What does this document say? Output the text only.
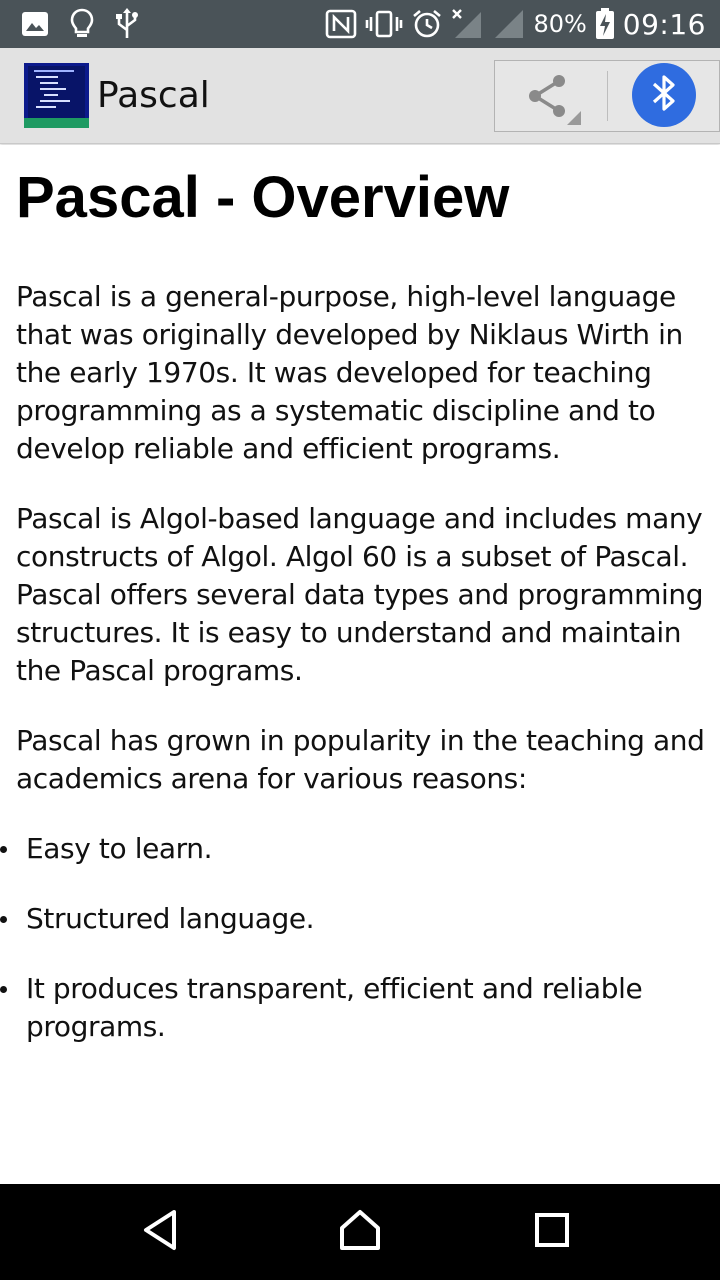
80% 09:16
Pascal
Pascal - Overview

Pascal is a general-purpose, high-level language that was originally developed by Niklaus Wirth in the early 1970s. It was developed for teaching programming as a systematic discipline and to develop reliable and efficient programs.

Pascal is Algol-based language and includes many constructs of Algol. Algol 60 is a subset of Pascal. Pascal offers several data types and programming structures. It is easy to understand and maintain the Pascal programs.

Pascal has grown in popularity in the teaching and academics arena for various reasons:

Easy to learn.
Structured language.
It produces transparent, efficient and reliable programs.
